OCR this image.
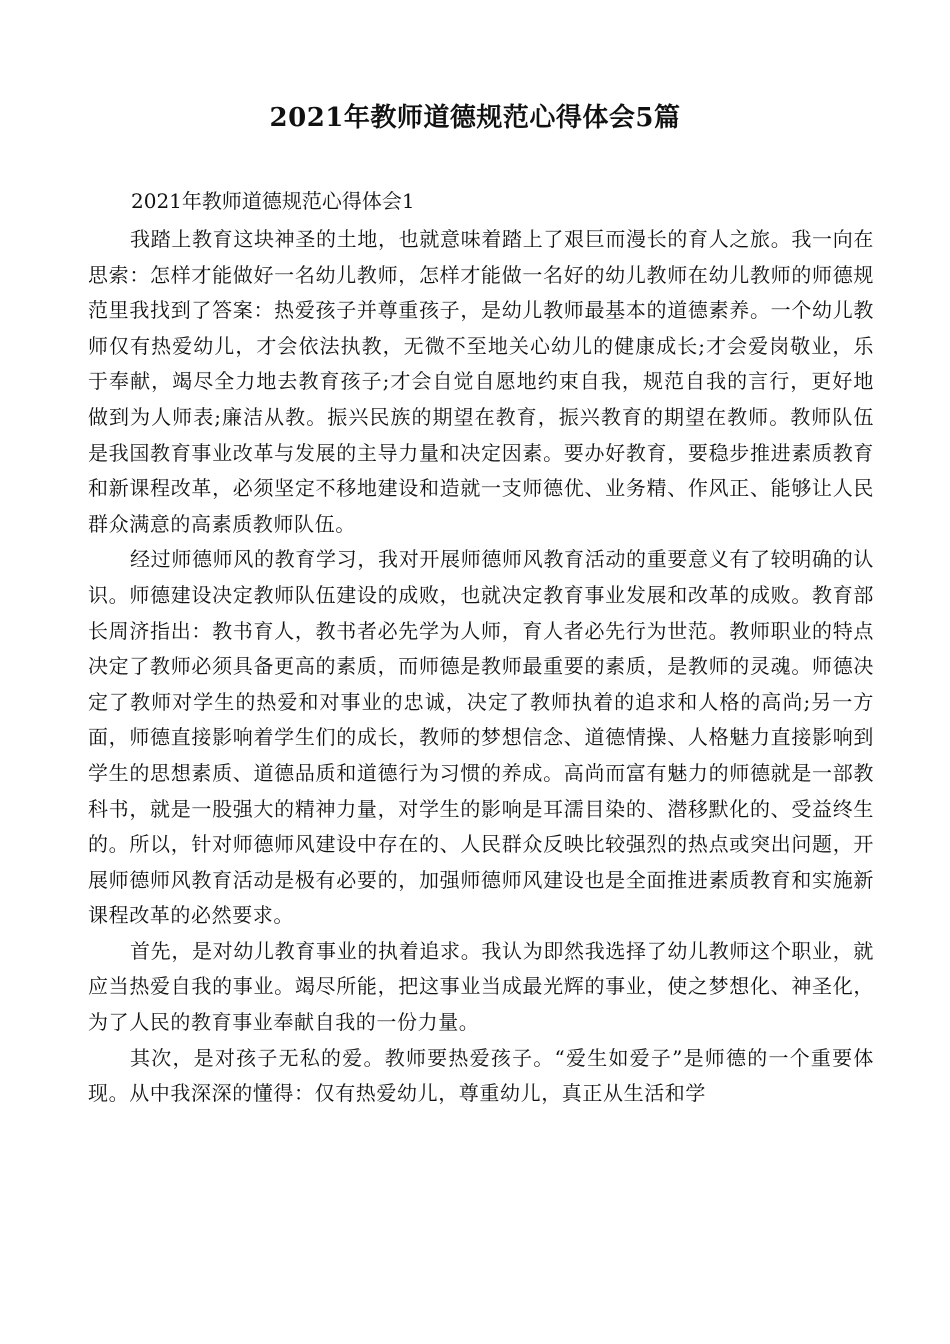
2021年教师道德规范心得体会5篇
2021年教师道德规范心得体会1

我踏上教育这块神圣的土地，也就意味着踏上了艰巨而漫长的育人之旅。我一向在思索：怎样才能做好一名幼儿教师，怎样才能做一名好的幼儿教师在幼儿教师的师德规范里我找到了答案：热爱孩子并尊重孩子，是幼儿教师最基本的道德素养。一个幼儿教师仅有热爱幼儿，才会依法执教，无微不至地关心幼儿的健康成长;才会爱岗敬业，乐于奉献，竭尽全力地去教育孩子;才会自觉自愿地约束自我，规范自我的言行，更好地做到为人师表;廉洁从教。振兴民族的期望在教育，振兴教育的期望在教师。教师队伍是我国教育事业改革与发展的主导力量和决定因素。要办好教育，要稳步推进素质教育和新课程改革，必须坚定不移地建设和造就一支师德优、业务精、作风正、能够让人民群众满意的高素质教师队伍。

经过师德师风的教育学习，我对开展师德师风教育活动的重要意义有了较明确的认识。师德建设决定教师队伍建设的成败，也就决定教育事业发展和改革的成败。教育部长周济指出：教书育人，教书者必先学为人师，育人者必先行为世范。教师职业的特点决定了教师必须具备更高的素质，而师德是教师最重要的素质，是教师的灵魂。师德决定了教师对学生的热爱和对事业的忠诚，决定了教师执着的追求和人格的高尚;另一方面，师德直接影响着学生们的成长，教师的梦想信念、道德情操、人格魅力直接影响到学生的思想素质、道德品质和道德行为习惯的养成。高尚而富有魅力的师德就是一部教科书，就是一股强大的精神力量，对学生的影响是耳濡目染的、潜移默化的、受益终生的。所以，针对师德师风建设中存在的、人民群众反映比较强烈的热点或突出问题，开展师德师风教育活动是极有必要的，加强师德师风建设也是全面推进素质教育和实施新课程改革的必然要求。

首先，是对幼儿教育事业的执着追求。我认为即然我选择了幼儿教师这个职业，就应当热爱自我的事业。竭尽所能，把这事业当成最光辉的事业，使之梦想化、神圣化，为了人民的教育事业奉献自我的一份力量。

其次，是对孩子无私的爱。教师要热爱孩子。“爱生如爱子”是师德的一个重要体现。从中我深深的懂得：仅有热爱幼儿，尊重幼儿，真正从生活和学
